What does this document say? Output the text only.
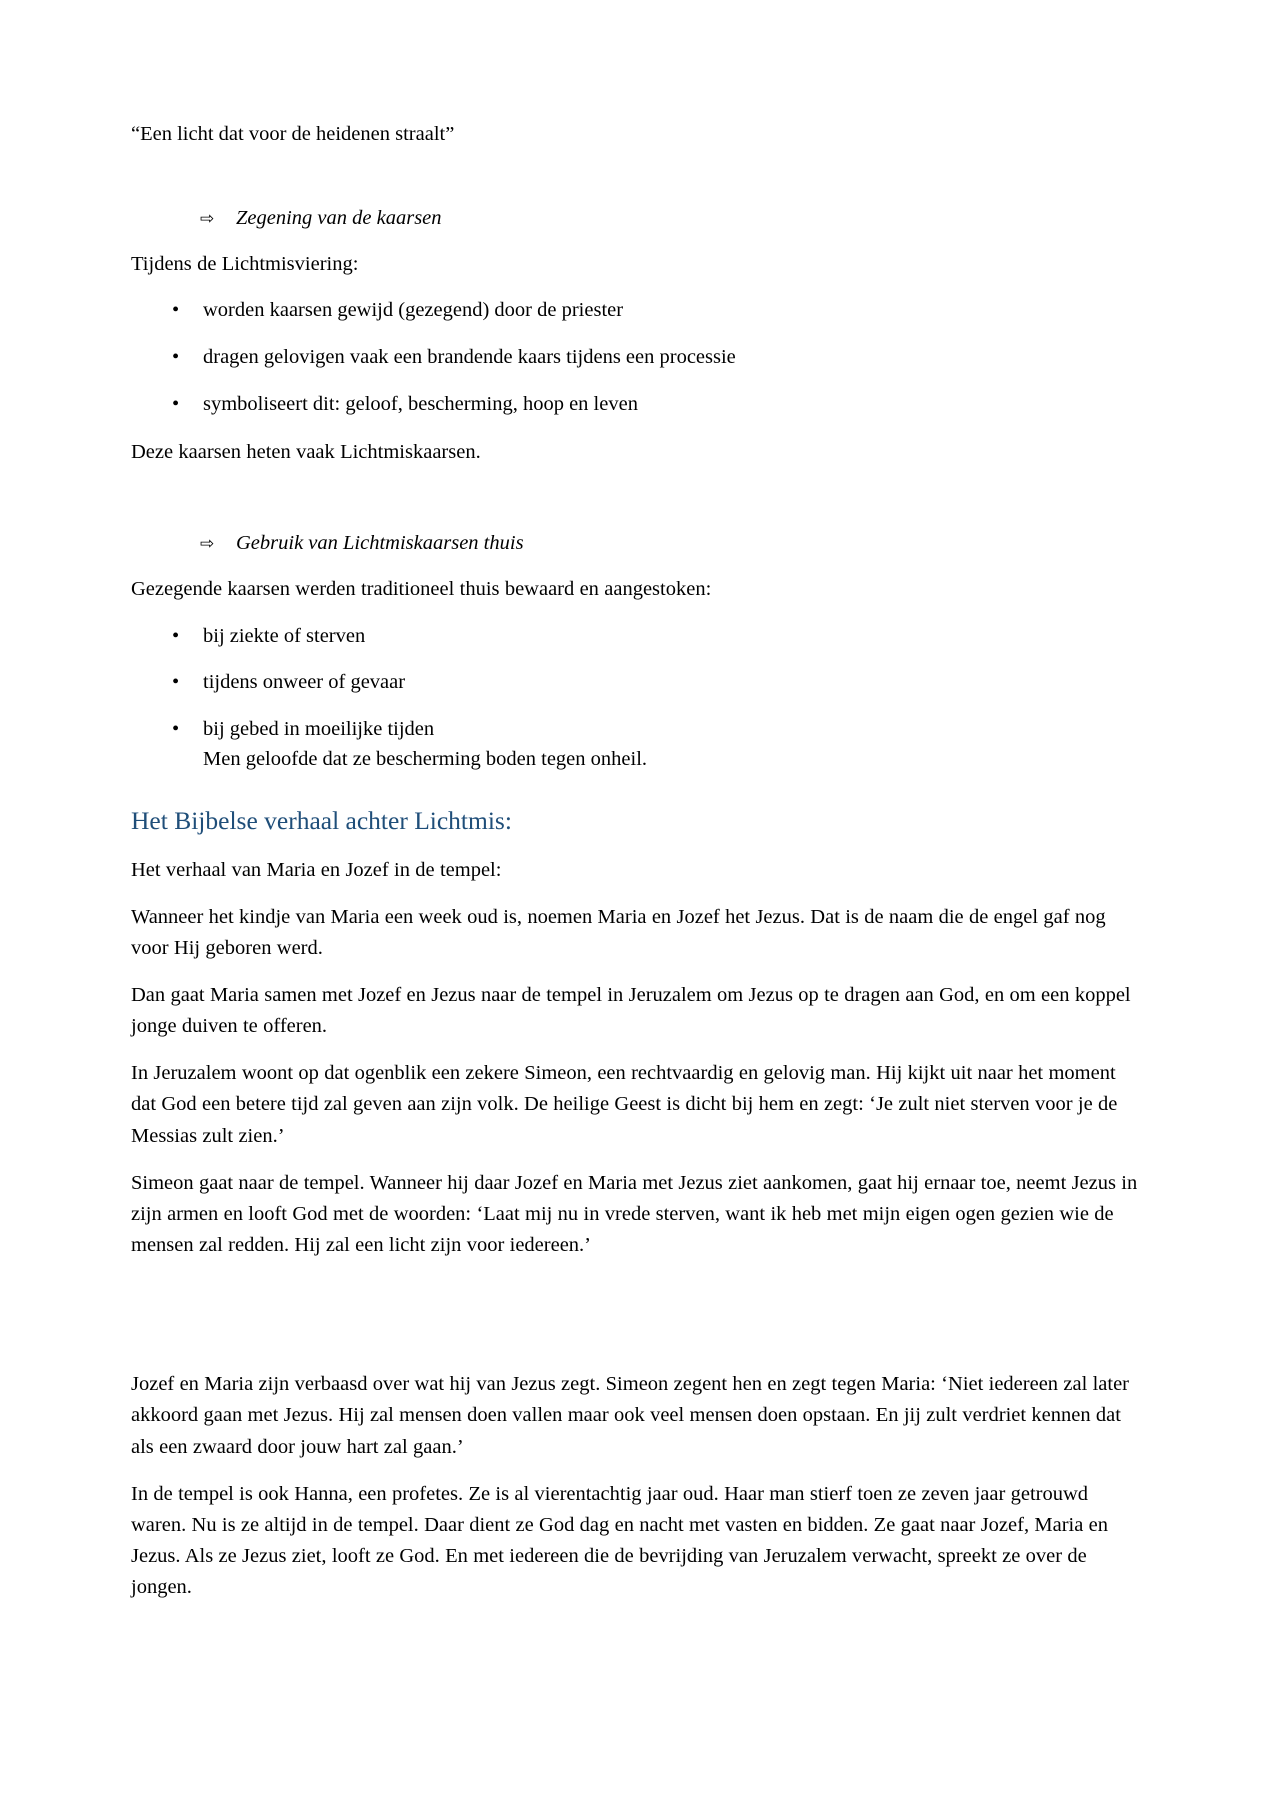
“Een licht dat voor de heidenen straalt”

⇨	Zegening van de kaarsen

Tijdens de Lichtmisviering:

•	worden kaarsen gewijd (gezegend) door de priester
•	dragen gelovigen vaak een brandende kaars tijdens een processie
•	symboliseert dit: geloof, bescherming, hoop en leven

Deze kaarsen heten vaak Lichtmiskaarsen.

⇨	Gebruik van Lichtmiskaarsen thuis

Gezegende kaarsen werden traditioneel thuis bewaard en aangestoken:

•	bij ziekte of sterven
•	tijdens onweer of gevaar
•	bij gebed in moeilijke tijden
Men geloofde dat ze bescherming boden tegen onheil.
Het Bijbelse verhaal achter Lichtmis:

Het verhaal van Maria en Jozef in de tempel:

Wanneer het kindje van Maria een week oud is, noemen Maria en Jozef het Jezus. Dat is de naam die de engel gaf nog voor Hij geboren werd.

Dan gaat Maria samen met Jozef en Jezus naar de tempel in Jeruzalem om Jezus op te dragen aan God, en om een koppel jonge duiven te offeren.

In Jeruzalem woont op dat ogenblik een zekere Simeon, een rechtvaardig en gelovig man. Hij kijkt uit naar het moment dat God een betere tijd zal geven aan zijn volk. De heilige Geest is dicht bij hem en zegt: ‘Je zult niet sterven voor je de Messias zult zien.’

Simeon gaat naar de tempel. Wanneer hij daar Jozef en Maria met Jezus ziet aankomen, gaat hij ernaar toe, neemt Jezus in zijn armen en looft God met de woorden: ‘Laat mij nu in vrede sterven, want ik heb met mijn eigen ogen gezien wie de mensen zal redden. Hij zal een licht zijn voor iedereen.’

Jozef en Maria zijn verbaasd over wat hij van Jezus zegt. Simeon zegent hen en zegt tegen Maria: ‘Niet iedereen zal later akkoord gaan met Jezus. Hij zal mensen doen vallen maar ook veel mensen doen opstaan. En jij zult verdriet kennen dat als een zwaard door jouw hart zal gaan.’

In de tempel is ook Hanna, een profetes. Ze is al vierentachtig jaar oud. Haar man stierf toen ze zeven jaar getrouwd waren. Nu is ze altijd in de tempel. Daar dient ze God dag en nacht met vasten en bidden. Ze gaat naar Jozef, Maria en Jezus. Als ze Jezus ziet, looft ze God. En met iedereen die de bevrijding van Jeruzalem verwacht, spreekt ze over de jongen.
